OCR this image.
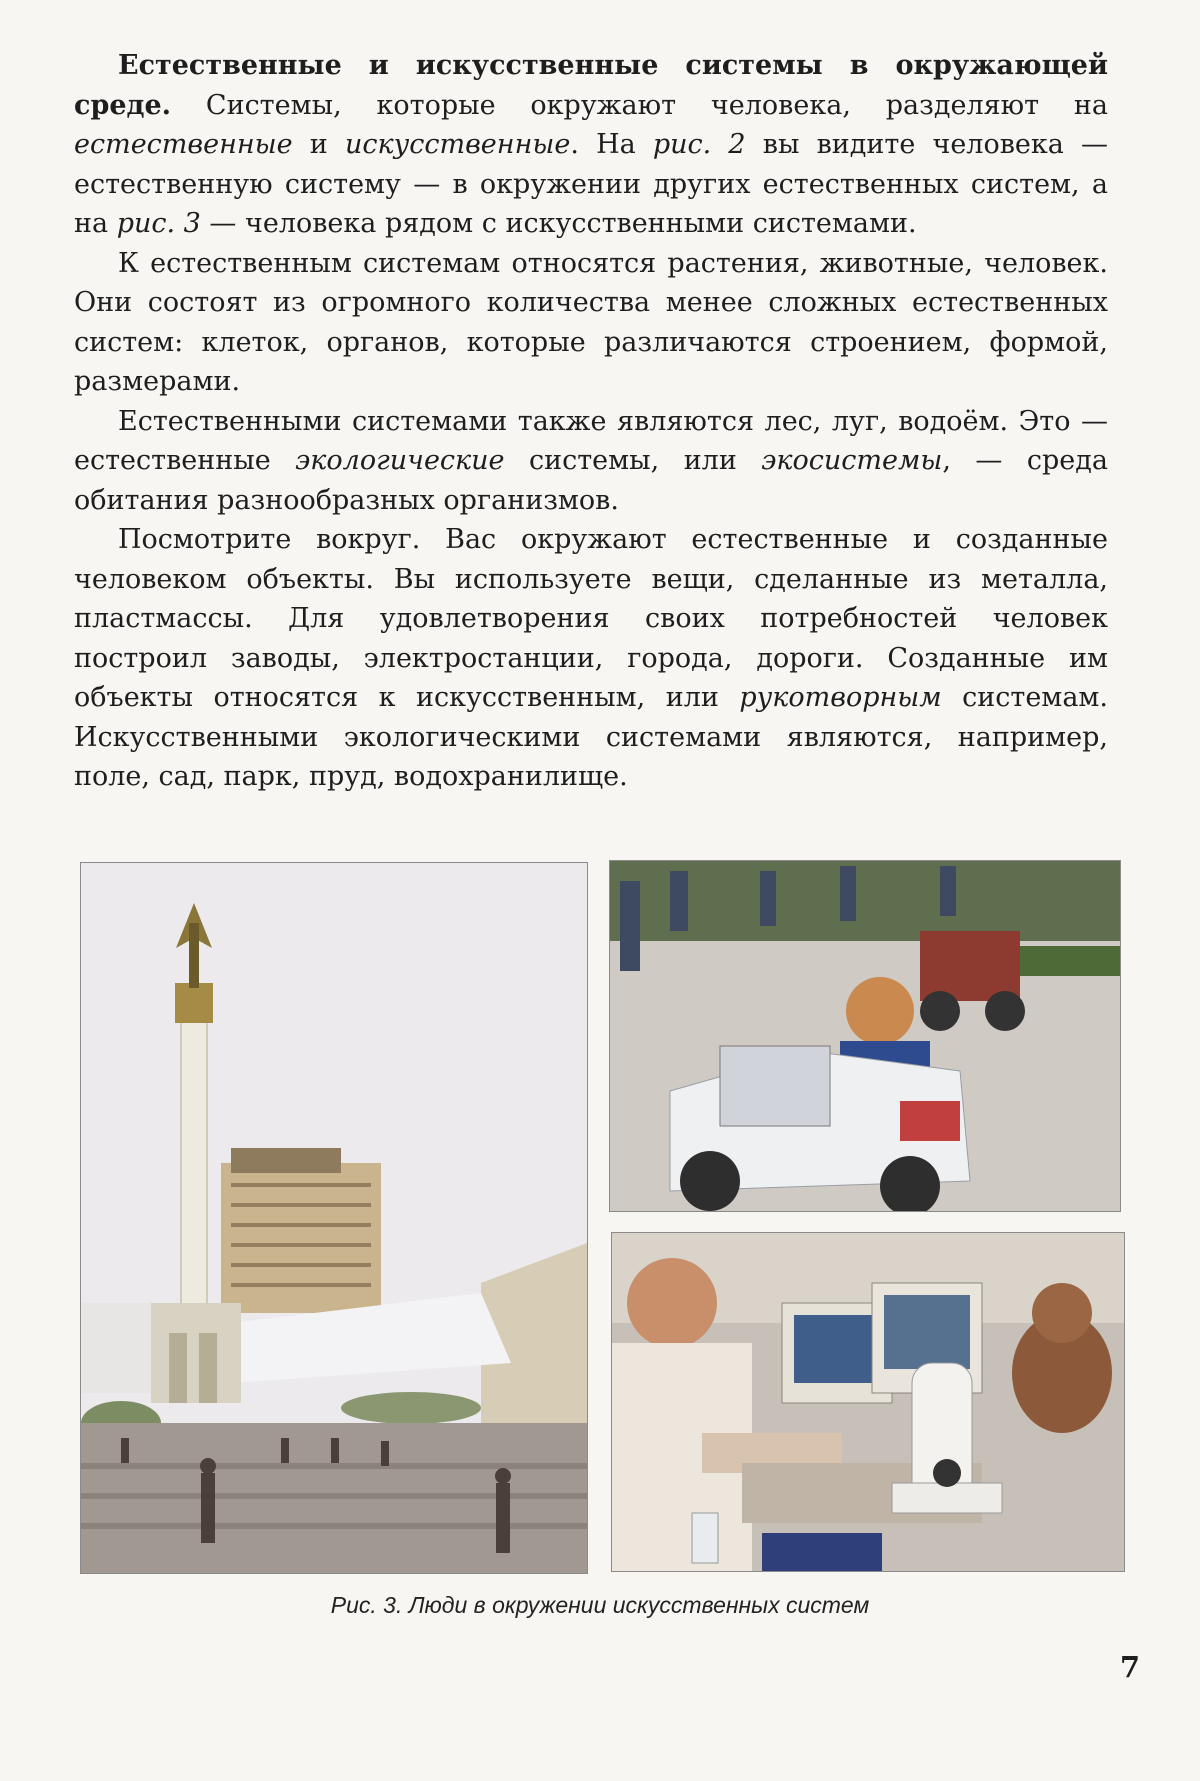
Естественные и искусственные системы в окружающей среде. Системы, которые окружают человека, разделяют на естественные и искусственные. На рис. 2 вы видите человека — естественную систему — в окружении других естественных систем, а на рис. 3 — человека рядом с искусственными системами.

К естественным системам относятся растения, животные, человек. Они состоят из огромного количества менее сложных естественных систем: клеток, органов, которые различаются строением, формой, размерами.

Естественными системами также являются лес, луг, водоём. Это — естественные экологические системы, или экосистемы, — среда обитания разнообразных организмов.

Посмотрите вокруг. Вас окружают естественные и созданные человеком объекты. Вы используете вещи, сделанные из металла, пластмассы. Для удовлетворения своих потребностей человек построил заводы, электростанции, города, дороги. Созданные им объекты относятся к искусственным, или рукотворным системам. Искусственными экологическими системами являются, например, поле, сад, парк, пруд, водохранилище.

Рис. 3. Люди в окружении искусственных систем
7
